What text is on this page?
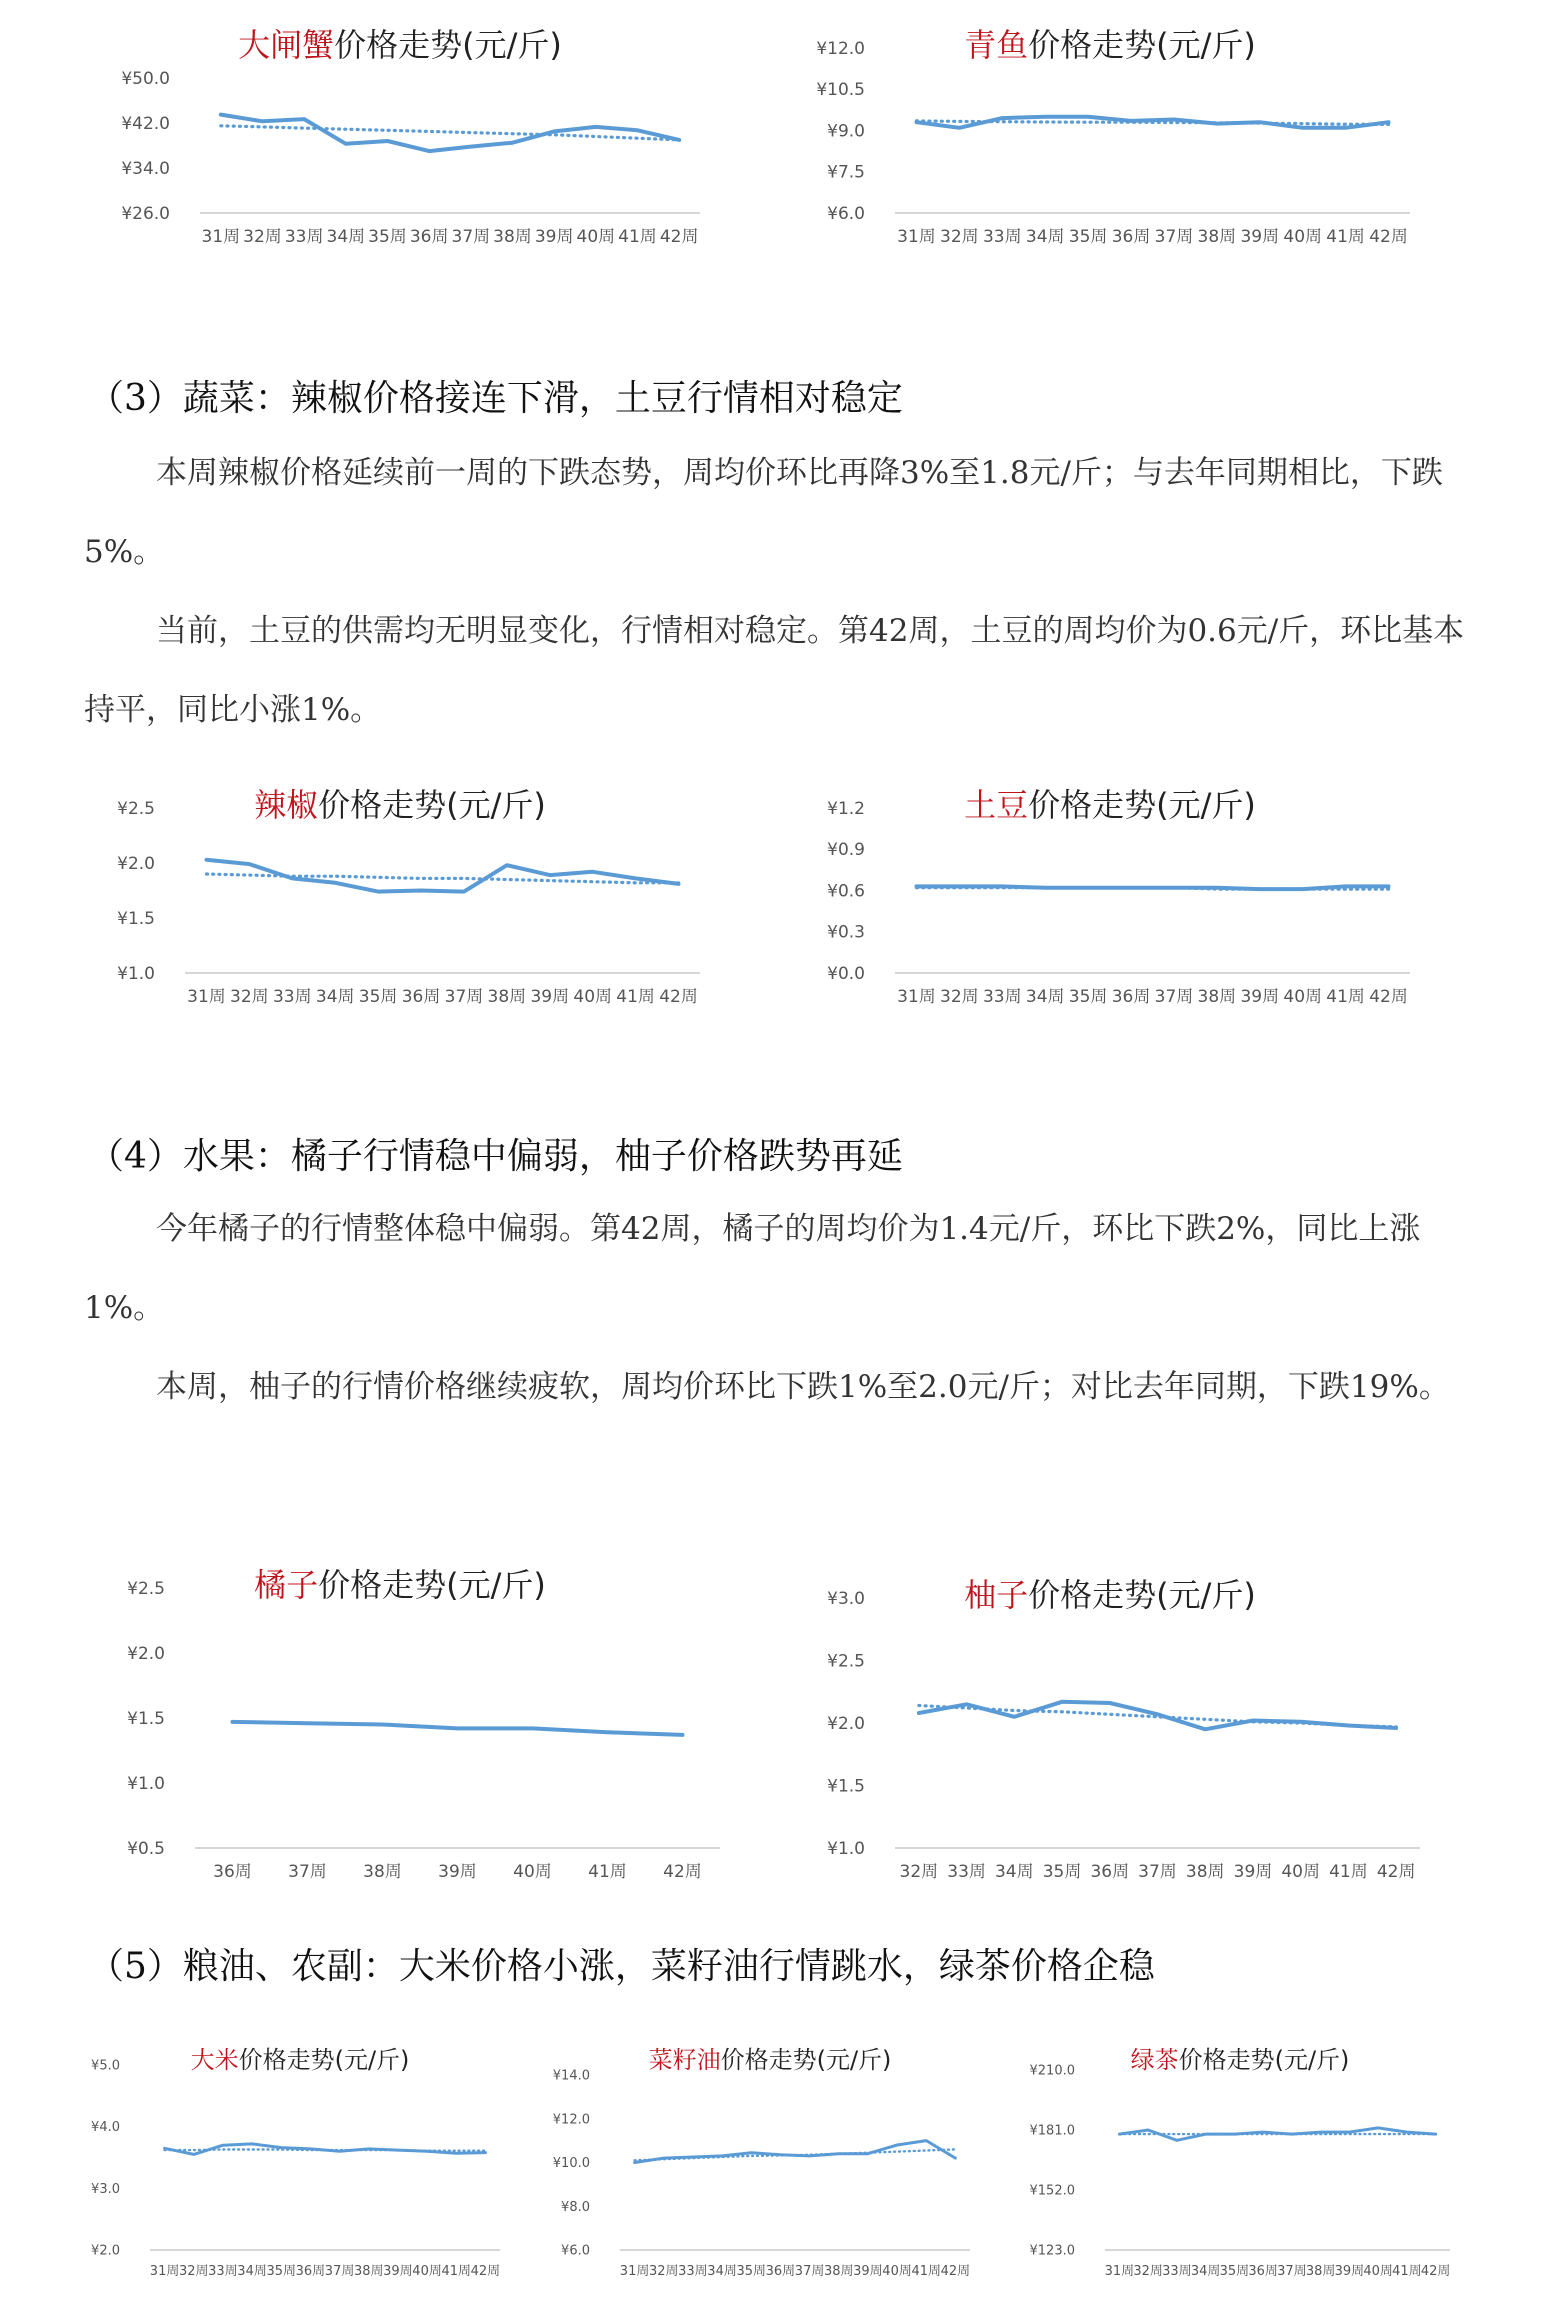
大闸蟹价格走势(元/斤)
¥26.0
¥34.0
¥42.0
¥50.0
31周 32周 33周 34周 35周 36周 37周 38周 39周 40周 41周 42周
青鱼价格走势(元/斤)
¥6.0
¥7.5
¥9.0
¥10.5
¥12.0
31周 32周 33周 34周 35周 36周 37周 38周 39周 40周 41周 42周
（3）蔬菜：辣椒价格接连下滑，土豆行情相对稳定

本周辣椒价格延续前一周的下跌态势，周均价环比再降3%至1.8元/斤；与去年同期相比，下跌5%。

当前，土豆的供需均无明显变化，行情相对稳定。第42周，土豆的周均价为0.6元/斤，环比基本持平，同比小涨1%。

辣椒价格走势(元/斤)
¥1.0
¥1.5
¥2.0
¥2.5
31周 32周 33周 34周 35周 36周 37周 38周 39周 40周 41周 42周
土豆价格走势(元/斤)
¥0.0
¥0.3
¥0.6
¥0.9
¥1.2
31周 32周 33周 34周 35周 36周 37周 38周 39周 40周 41周 42周
（4）水果：橘子行情稳中偏弱，柚子价格跌势再延

今年橘子的行情整体稳中偏弱。第42周，橘子的周均价为1.4元/斤，环比下跌2%，同比上涨1%。

本周，柚子的行情价格继续疲软，周均价环比下跌1%至2.0元/斤；对比去年同期，下跌19%。

橘子价格走势(元/斤)
¥0.5
¥1.0
¥1.5
¥2.0
¥2.5
36周 37周 38周 39周 40周 41周 42周
柚子价格走势(元/斤)
¥1.0
¥1.5
¥2.0
¥2.5
¥3.0
32周 33周 34周 35周 36周 37周 38周 39周 40周 41周 42周
（5）粮油、农副：大米价格小涨，菜籽油行情跳水，绿茶价格企稳
大米价格走势(元/斤)
¥2.0
¥3.0
¥4.0
¥5.0
31周 32周 33周 34周 35周 36周 37周 38周 39周 40周 41周 42周
菜籽油价格走势(元/斤)
¥6.0
¥8.0
¥10.0
¥12.0
¥14.0
31周 32周 33周 34周 35周 36周 37周 38周 39周 40周 41周 42周
绿茶价格走势(元/斤)
¥123.0
¥152.0
¥181.0
¥210.0
31周 32周 33周 34周 35周 36周 37周 38周 39周 40周 41周 42周
